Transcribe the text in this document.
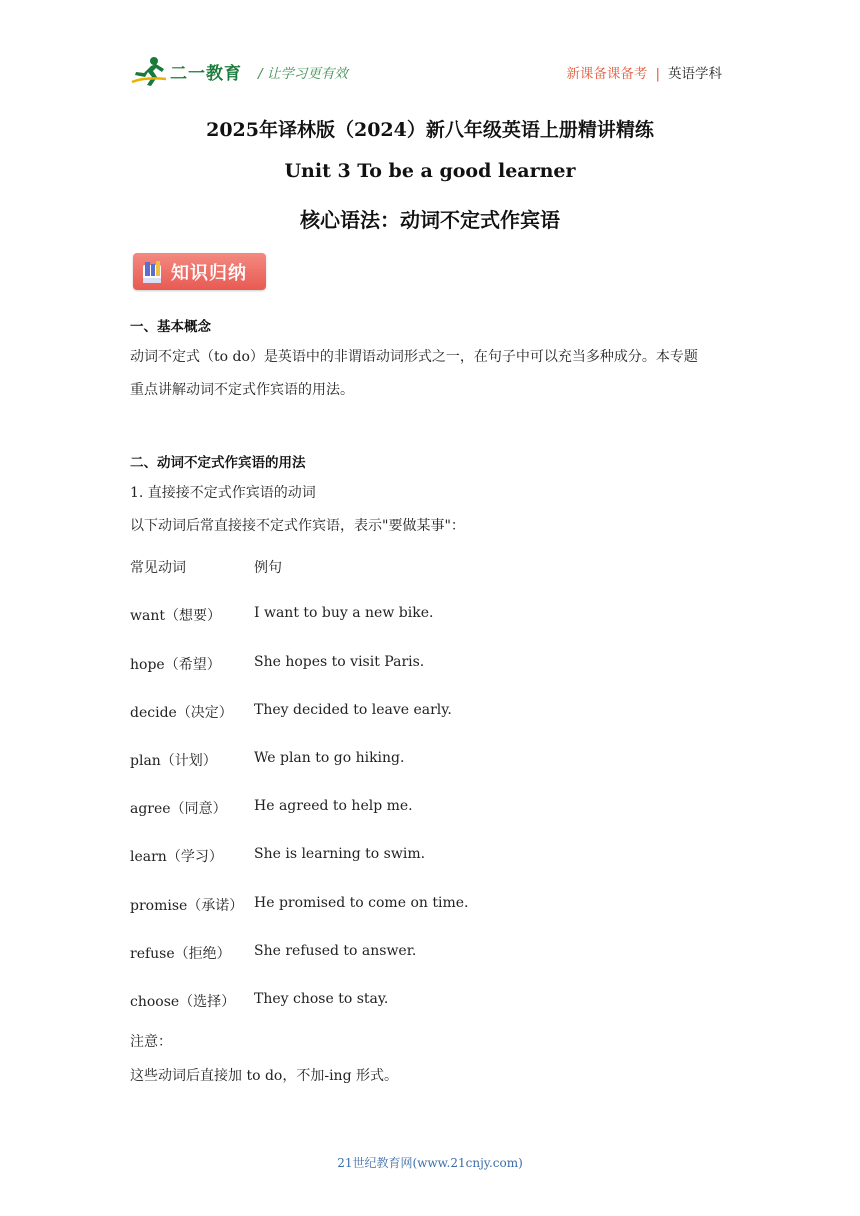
二一教育 / 让学习更有效	新课备课备考 | 英语学科
2025年译林版（2024）新八年级英语上册精讲精练
Unit 3 To be a good learner
核心语法：动词不定式作宾语
知识归纳
一、基本概念
动词不定式（to do）是英语中的非谓语动词形式之一，在句子中可以充当多种成分。本专题
重点讲解动词不定式作宾语的用法。
二、动词不定式作宾语的用法
1. 直接接不定式作宾语的动词
以下动词后常直接接不定式作宾语，表示"要做某事"：
常见动词	例句
want（想要） I want to buy a new bike.
hope（希望） She hopes to visit Paris.
decide（决定） They decided to leave early.
plan（计划）	We plan to go hiking.
agree（同意） He agreed to help me.
learn（学习） She is learning to swim.
promise（承诺） He promised to come on time.
refuse（拒绝） She refused to answer.
choose（选择） They chose to stay.
注意：
这些动词后直接加 to do，不加-ing 形式。
21世纪教育网(www.21cnjy.com)
